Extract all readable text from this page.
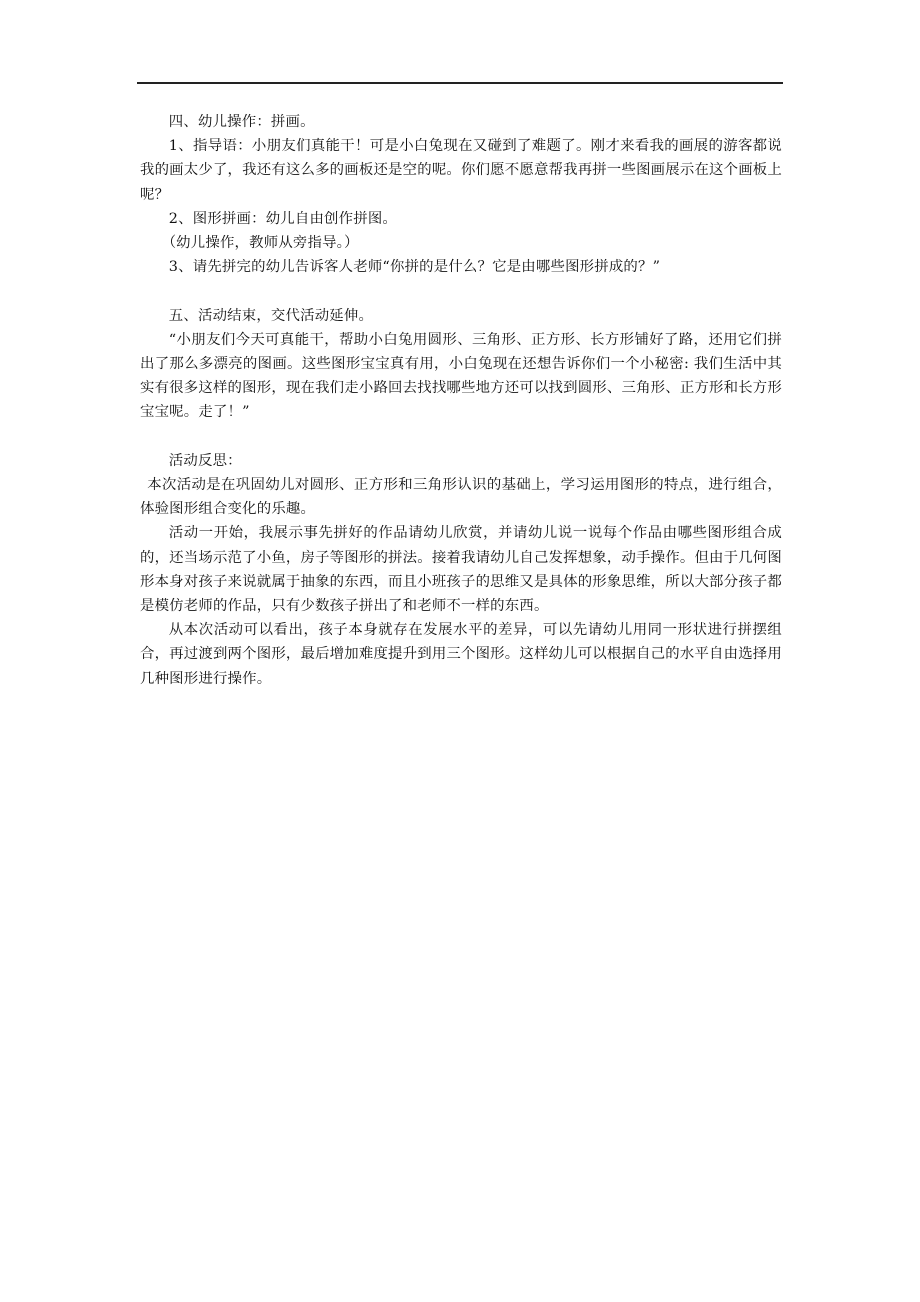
四、幼儿操作：拼画。

1、指导语：小朋友们真能干！可是小白兔现在又碰到了难题了。刚才来看我的画展的游客都说我的画太少了，我还有这么多的画板还是空的呢。你们愿不愿意帮我再拼一些图画展示在这个画板上呢？

2、图形拼画：幼儿自由创作拼图。

（幼儿操作，教师从旁指导。）

3、请先拼完的幼儿告诉客人老师“你拼的是什么？它是由哪些图形拼成的？”

五、活动结束，交代活动延伸。

“小朋友们今天可真能干，帮助小白兔用圆形、三角形、正方形、长方形铺好了路，还用它们拼出了那么多漂亮的图画。这些图形宝宝真有用，小白兔现在还想告诉你们一个小秘密: 我们生活中其实有很多这样的图形，现在我们走小路回去找找哪些地方还可以找到圆形、三角形、正方形和长方形宝宝呢。走了！”

活动反思：

本次活动是在巩固幼儿对圆形、正方形和三角形认识的基础上，学习运用图形的特点，进行组合，体验图形组合变化的乐趣。

活动一开始，我展示事先拼好的作品请幼儿欣赏，并请幼儿说一说每个作品由哪些图形组合成的，还当场示范了小鱼，房子等图形的拼法。接着我请幼儿自己发挥想象，动手操作。但由于几何图形本身对孩子来说就属于抽象的东西，而且小班孩子的思维又是具体的形象思维，所以大部分孩子都是模仿老师的作品，只有少数孩子拼出了和老师不一样的东西。

从本次活动可以看出，孩子本身就存在发展水平的差异，可以先请幼儿用同一形状进行拼摆组合，再过渡到两个图形，最后增加难度提升到用三个图形。这样幼儿可以根据自己的水平自由选择用几种图形进行操作。
